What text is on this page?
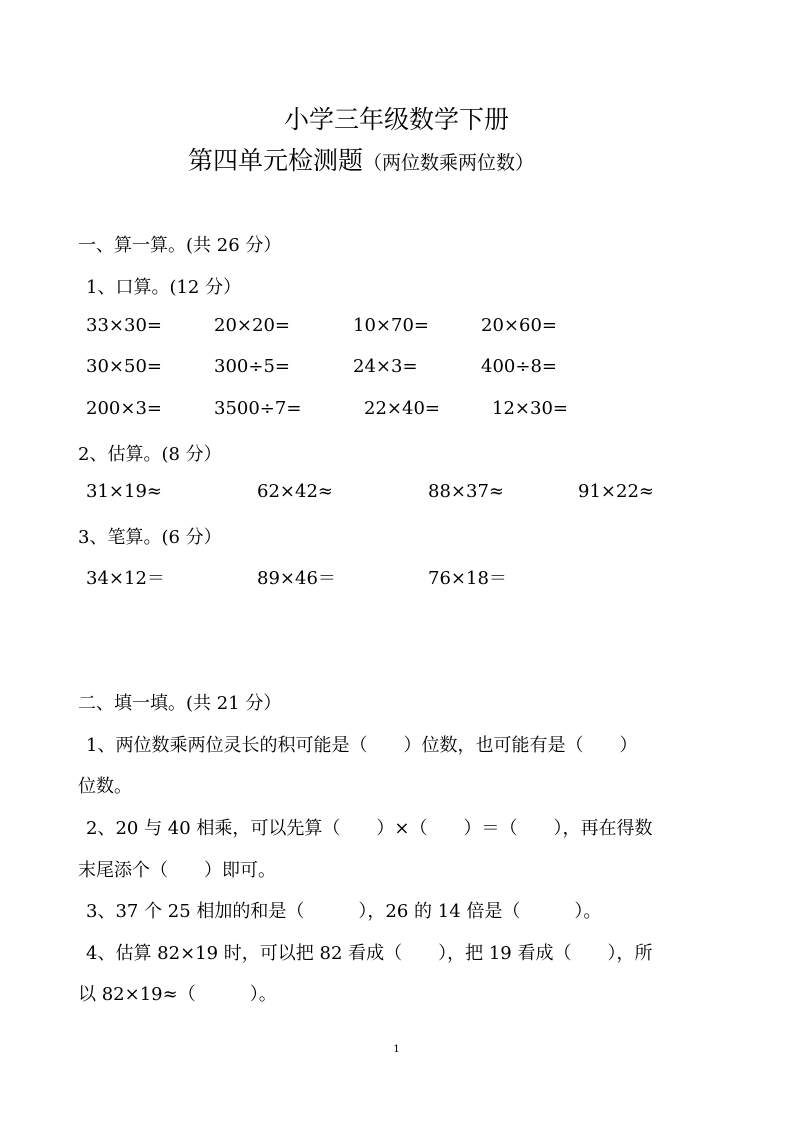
小学三年级数学下册
第四单元检测题（两位数乘两位数）
一、算一算。(共 26 分）
1、口算。(12 分）
33×30=	20×20=	10×70=	20×60=
30×50=	300÷5=	24×3=	400÷8=
200×3=	3500÷7=	22×40=	12×30=
2、估算。(8 分）
31×19≈	62×42≈	88×37≈	91×22≈
3、笔算。(6 分）
34×12＝	89×46＝	76×18＝
二、填一填。(共 21 分）
1、两位数乘两位灵长的积可能是（　　）位数，也可能有是（　　）
位数。
2、20 与 40 相乘，可以先算（　　）×（　　）＝（　　），再在得数
末尾添个（　　）即可。
3、37 个 25 相加的和是（　　　），26 的 14 倍是（　　　）。
4、估算 82×19 时，可以把 82 看成（　　），把 19 看成（　　），所
以 82×19≈（　　　）。
1
